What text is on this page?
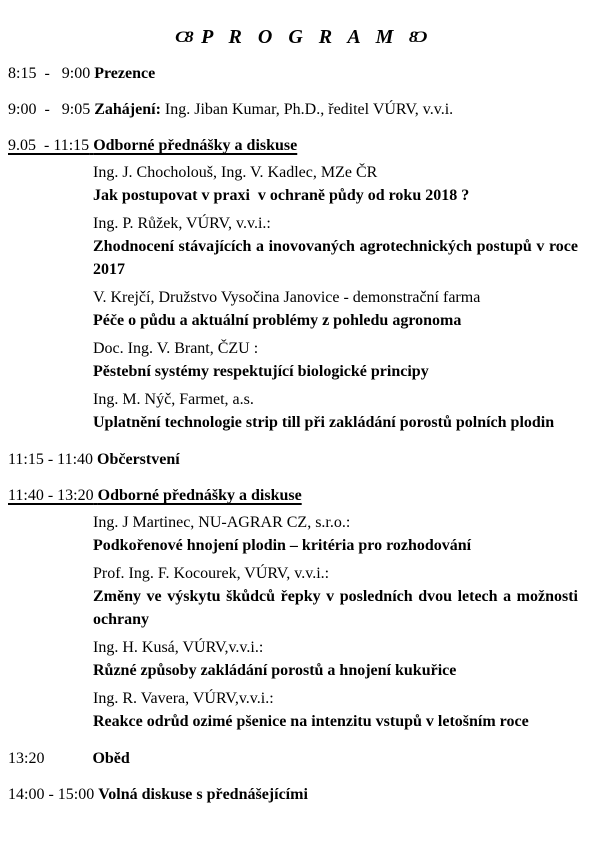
C8 P R O G R A M 8Ɔ
8:15  -   9:00 Prezence
9:00  -   9:05 Zahájení: Ing. Jiban Kumar, Ph.D., ředitel VÚRV, v.v.i.
9.05  - 11:15 Odborné přednášky a diskuse
Ing. J. Chocholouš, Ing. V. Kadlec, MZe ČR
Jak postupovat v praxi  v ochraně půdy od roku 2018 ?
Ing. P. Růžek, VÚRV, v.v.i.:
Zhodnocení stávajících a inovovaných agrotechnických postupů v roce 2017
V. Krejčí, Družstvo Vysočina Janovice - demonstrační farma
Péče o půdu a aktuální problémy z pohledu agronoma
Doc. Ing. V. Brant, ČZU :
Pěstební systémy respektující biologické principy
Ing. M. Nýč, Farmet, a.s.
Uplatnění technologie strip till při zakládání porostů polních plodin
11:15 - 11:40 Občerstvení
11:40 - 13:20 Odborné přednášky a diskuse
Ing. J Martinec, NU-AGRAR CZ, s.r.o.:
Podkořenové hnojení plodin – kritéria pro rozhodování
Prof. Ing. F. Kocourek, VÚRV, v.v.i.:
Změny ve výskytu škůdců řepky v posledních dvou letech a možnosti ochrany
Ing. H. Kusá, VÚRV,v.v.i.:
Různé způsoby zakládání porostů a hnojení kukuřice
Ing. R. Vavera, VÚRV,v.v.i.:
Reakce odrůd ozimé pšenice na intenzitu vstupů v letošním roce
13:20            Oběd
14:00 - 15:00 Volná diskuse s přednášejícími
